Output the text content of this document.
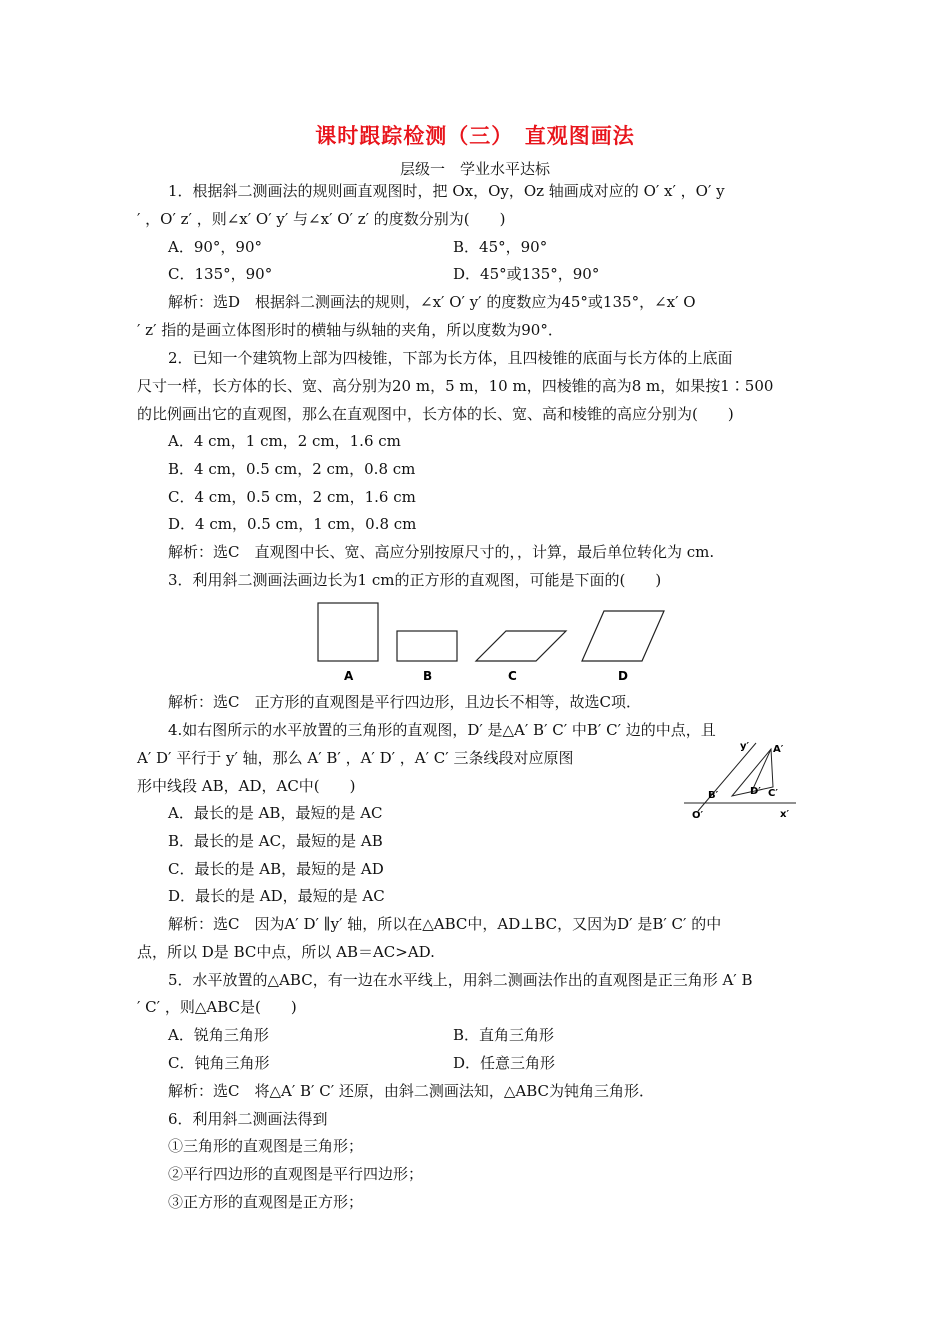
课时跟踪检测（三）　直观图画法
层级一　学业水平达标
1．根据斜二测画法的规则画直观图时，把 Ox，Oy，Oz 轴画成对应的 O′ x′ ，O′ y
′ ，O′ z′ ，则∠x′ O′ y′ 与∠x′ O′ z′ 的度数分别为(　　)
A．90°，90°	B．45°，90°
C．135°，90°	D．45°或135°，90°
解析：选D　根据斜二测画法的规则，∠x′ O′ y′ 的度数应为45°或135°，∠x′ O
′ z′ 指的是画立体图形时的横轴与纵轴的夹角，所以度数为90°．
2．已知一个建筑物上部为四棱锥，下部为长方体，且四棱锥的底面与长方体的上底面
尺寸一样，长方体的长、宽、高分别为20 m，5 m，10 m，四棱锥的高为8 m，如果按1∶500
的比例画出它的直观图，那么在直观图中，长方体的长、宽、高和棱锥的高应分别为(　　)
A．4 cm，1 cm，2 cm，1.6 cm
B．4 cm，0.5 cm，2 cm，0.8 cm
C．4 cm，0.5 cm，2 cm，1.6 cm
D．4 cm，0.5 cm，1 cm，0.8 cm
解析：选C　直观图中长、宽、高应分别按原尺寸的，，计算，最后单位转化为 cm.
3．利用斜二测画法画边长为1 cm的正方形的直观图，可能是下面的(　　)
A	B	C	D
解析：选C　正方形的直观图是平行四边形，且边长不相等，故选C项．
4.如右图所示的水平放置的三角形的直观图，D′ 是△A′ B′ C′ 中B′ C′ 边的中点，且
A′ D′ 平行于 y′ 轴，那么 A′ B′ ，A′ D′ ，A′ C′ 三条线段对应原图
形中线段 AB，AD，AC中(　　)
A．最长的是 AB，最短的是 AC
B．最长的是 AC，最短的是 AB
C．最长的是 AB，最短的是 AD
D．最长的是 AD，最短的是 AC
解析：选C　因为A′ D′ ∥y′ 轴，所以在△ABC中，AD⊥BC，又因为D′ 是B′ C′ 的中
点，所以 D是 BC中点，所以 AB＝AC>AD.
y′ A′
B′	D′ C′
O′	x′
5．水平放置的△ABC，有一边在水平线上，用斜二测画法作出的直观图是正三角形 A′ B
′ C′ ，则△ABC是(　　)
A．锐角三角形	B．直角三角形
C．钝角三角形	D．任意三角形
解析：选C　将△A′ B′ C′ 还原，由斜二测画法知，△ABC为钝角三角形．
6．利用斜二测画法得到
①三角形的直观图是三角形；
②平行四边形的直观图是平行四边形；
③正方形的直观图是正方形；
